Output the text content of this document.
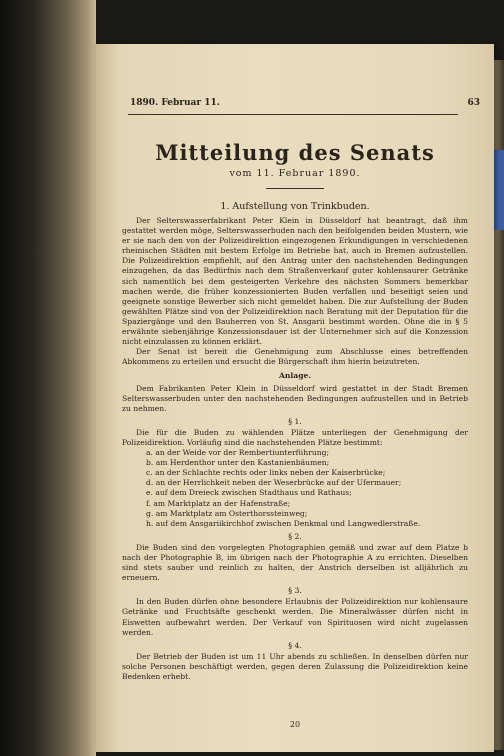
1890. Februar 11.	63
Mitteilung des Senats
vom 11. Februar 1890.
1. Aufstellung von Trinkbuden.

Der Selterswasserfabrikant Peter Klein in Düsseldorf hat beantragt, daß ihm gestattet werden möge, Selterswasserbuden nach den beifolgenden beiden Mustern, wie er sie nach den von der Polizeidirektion eingezogenen Erkundigungen in verschiedenen rheinischen Städten mit bestem Erfolge im Betriebe hat, auch in Bremen aufzustellen. Die Polizeidirektion empfiehlt, auf den Antrag unter den nachstehenden Bedingungen einzugehen, da das Bedürfnis nach dem Straßenverkauf guter kohlensaurer Getränke sich namentlich bei dem gesteigerten Verkehre des nächsten Sommers bemerkbar machen werde, die früher konzessionierten Buden verfallen und beseitigt seien und geeignete sonstige Bewerber sich nicht gemeldet haben. Die zur Aufstellung der Buden gewählten Plätze sind von der Polizeidirektion nach Beratung mit der Deputation für die Spaziergänge und den Bauherren von St. Ansgarii bestimmt worden. Ohne die in § 5 erwähnte siebenjährige Konzessionsdauer ist der Unternehmer sich auf die Konzession nicht einzulassen zu können erklärt.

Der Senat ist bereit die Genehmigung zum Abschlusse eines betreffenden Abkommens zu erteilen und ersucht die Bürgerschaft ihm hierin beizutreten.

Anlage.

Dem Fabrikanten Peter Klein in Düsseldorf wird gestattet in der Stadt Bremen Selterswasserbuden unter den nachstehenden Bedingungen aufzustellen und in Betrieb zu nehmen.

§ 1.

Die für die Buden zu wählenden Plätze unterliegen der Genehmigung der Polizeidirektion. Vorläufig sind die nachstehenden Plätze bestimmt:

a. an der Weide vor der Rembertiunterführung;
b. am Herdenthor unter den Kastanienbäumen;
c. an der Schlachte rechts oder links neben der Kaiserbrücke;
d. an der Herrlichkeit neben der Weserbrücke auf der Ufermauer;
e. auf dem Dreieck zwischen Stadthaus und Rathaus;
f. am Marktplatz an der Hafenstraße;
g. am Marktplatz am Osterthorssteinweg;
h. auf dem Ansgariikirchhof zwischen Denkmal und Langwedlerstraße.

§ 2.

Die Buden sind den vorgelegten Photographien gemäß und zwar auf dem Platze b nach der Photographie B, im übrigen nach der Photographie A zu errichten. Dieselben sind stets sauber und reinlich zu halten, der Anstrich derselben ist alljährlich zu erneuern.

§ 3.

In den Buden dürfen ohne besondere Erlaubnis der Polizeidirektion nur kohlensaure Getränke und Fruchtsäfte geschenkt werden. Die Mineralwässer dürfen nicht in Eiswetten aufbewahrt werden. Der Verkauf von Spirituosen wird nicht zugelassen werden.

§ 4.

Der Betrieb der Buden ist um 11 Uhr abends zu schließen. In denselben dürfen nur solche Personen beschäftigt werden, gegen deren Zulassung die Polizeidirektion keine Bedenken erhebt.

20
